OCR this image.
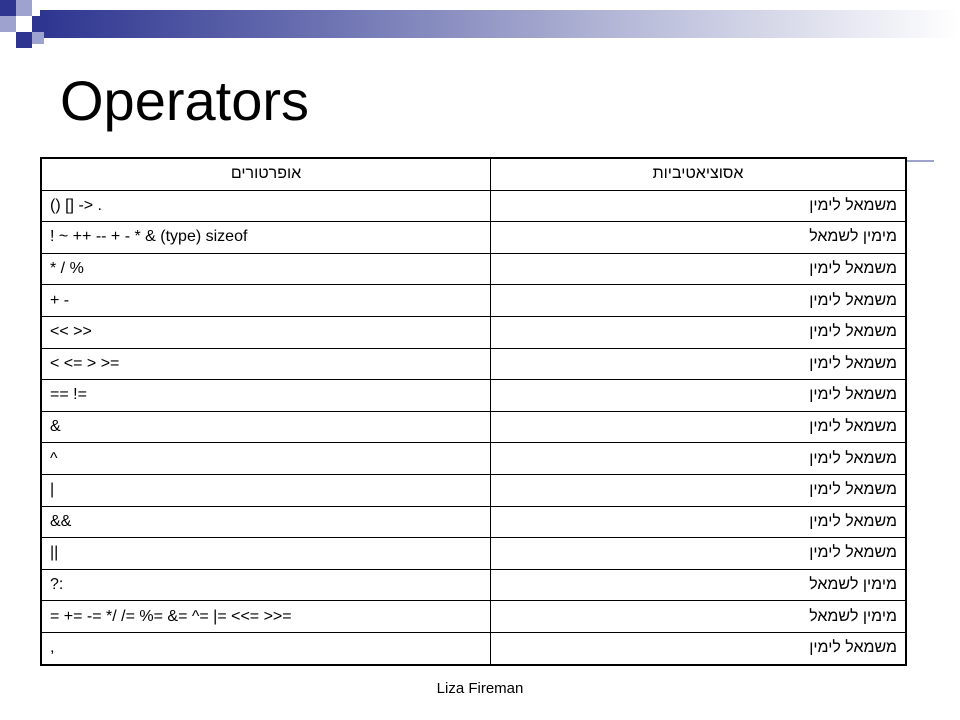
Operators
אופרטורים	אסוציאטיביות
() [] -> .	משמאל לימין
! ~ ++ -- + - * & (type) sizeof	מימין לשמאל
* / %	משמאל לימין
+ -	משמאל לימין
<< >>	משמאל לימין
< <= > >=	משמאל לימין
== !=	משמאל לימין
&	משמאל לימין
^	משמאל לימין
|	משמאל לימין
&&	משמאל לימין
||	משמאל לימין
?:	מימין לשמאל
= += -= */ /= %= &= ^= |= <<= >>=	מימין לשמאל
,	משמאל לימין
Liza Fireman
